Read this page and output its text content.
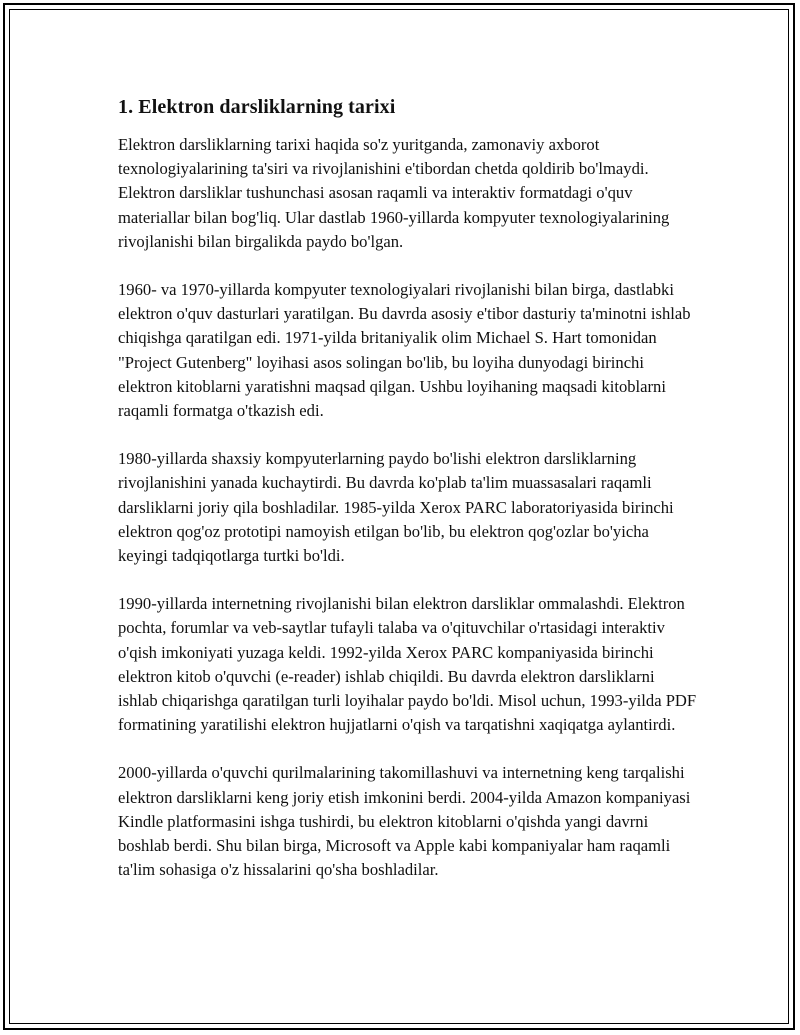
1. Elektron darsliklarning tarixi

Elektron darsliklarning tarixi haqida so'z yuritganda, zamonaviy axborot texnologiyalarining ta'siri va rivojlanishini e'tibordan chetda qoldirib bo'lmaydi. Elektron darsliklar tushunchasi asosan raqamli va interaktiv formatdagi o'quv materiallar bilan bog'liq. Ular dastlab 1960-yillarda kompyuter texnologiyalarining rivojlanishi bilan birgalikda paydo bo'lgan.

1960- va 1970-yillarda kompyuter texnologiyalari rivojlanishi bilan birga, dastlabki elektron o'quv dasturlari yaratilgan. Bu davrda asosiy e'tibor dasturiy ta'minotni ishlab chiqishga qaratilgan edi. 1971-yilda britaniyalik olim Michael S. Hart tomonidan "Project Gutenberg" loyihasi asos solingan bo'lib, bu loyiha dunyodagi birinchi elektron kitoblarni yaratishni maqsad qilgan. Ushbu loyihaning maqsadi kitoblarni raqamli formatga o'tkazish edi.

1980-yillarda shaxsiy kompyuterlarning paydo bo'lishi elektron darsliklarning rivojlanishini yanada kuchaytirdi. Bu davrda ko'plab ta'lim muassasalari raqamli darsliklarni joriy qila boshladilar. 1985-yilda Xerox PARC laboratoriyasida birinchi elektron qog'oz prototipi namoyish etilgan bo'lib, bu elektron qog'ozlar bo'yicha keyingi tadqiqotlarga turtki bo'ldi.

1990-yillarda internetning rivojlanishi bilan elektron darsliklar ommalashdi. Elektron pochta, forumlar va veb-saytlar tufayli talaba va o'qituvchilar o'rtasidagi interaktiv o'qish imkoniyati yuzaga keldi. 1992-yilda Xerox PARC kompaniyasida birinchi elektron kitob o'quvchi (e-reader) ishlab chiqildi. Bu davrda elektron darsliklarni ishlab chiqarishga qaratilgan turli loyihalar paydo bo'ldi. Misol uchun, 1993-yilda PDF formatining yaratilishi elektron hujjatlarni o'qish va tarqatishni xaqiqatga aylantirdi.

2000-yillarda o'quvchi qurilmalarining takomillashuvi va internetning keng tarqalishi elektron darsliklarni keng joriy etish imkonini berdi. 2004-yilda Amazon kompaniyasi Kindle platformasini ishga tushirdi, bu elektron kitoblarni o'qishda yangi davrni boshlab berdi. Shu bilan birga, Microsoft va Apple kabi kompaniyalar ham raqamli ta'lim sohasiga o'z hissalarini qo'sha boshladilar.
